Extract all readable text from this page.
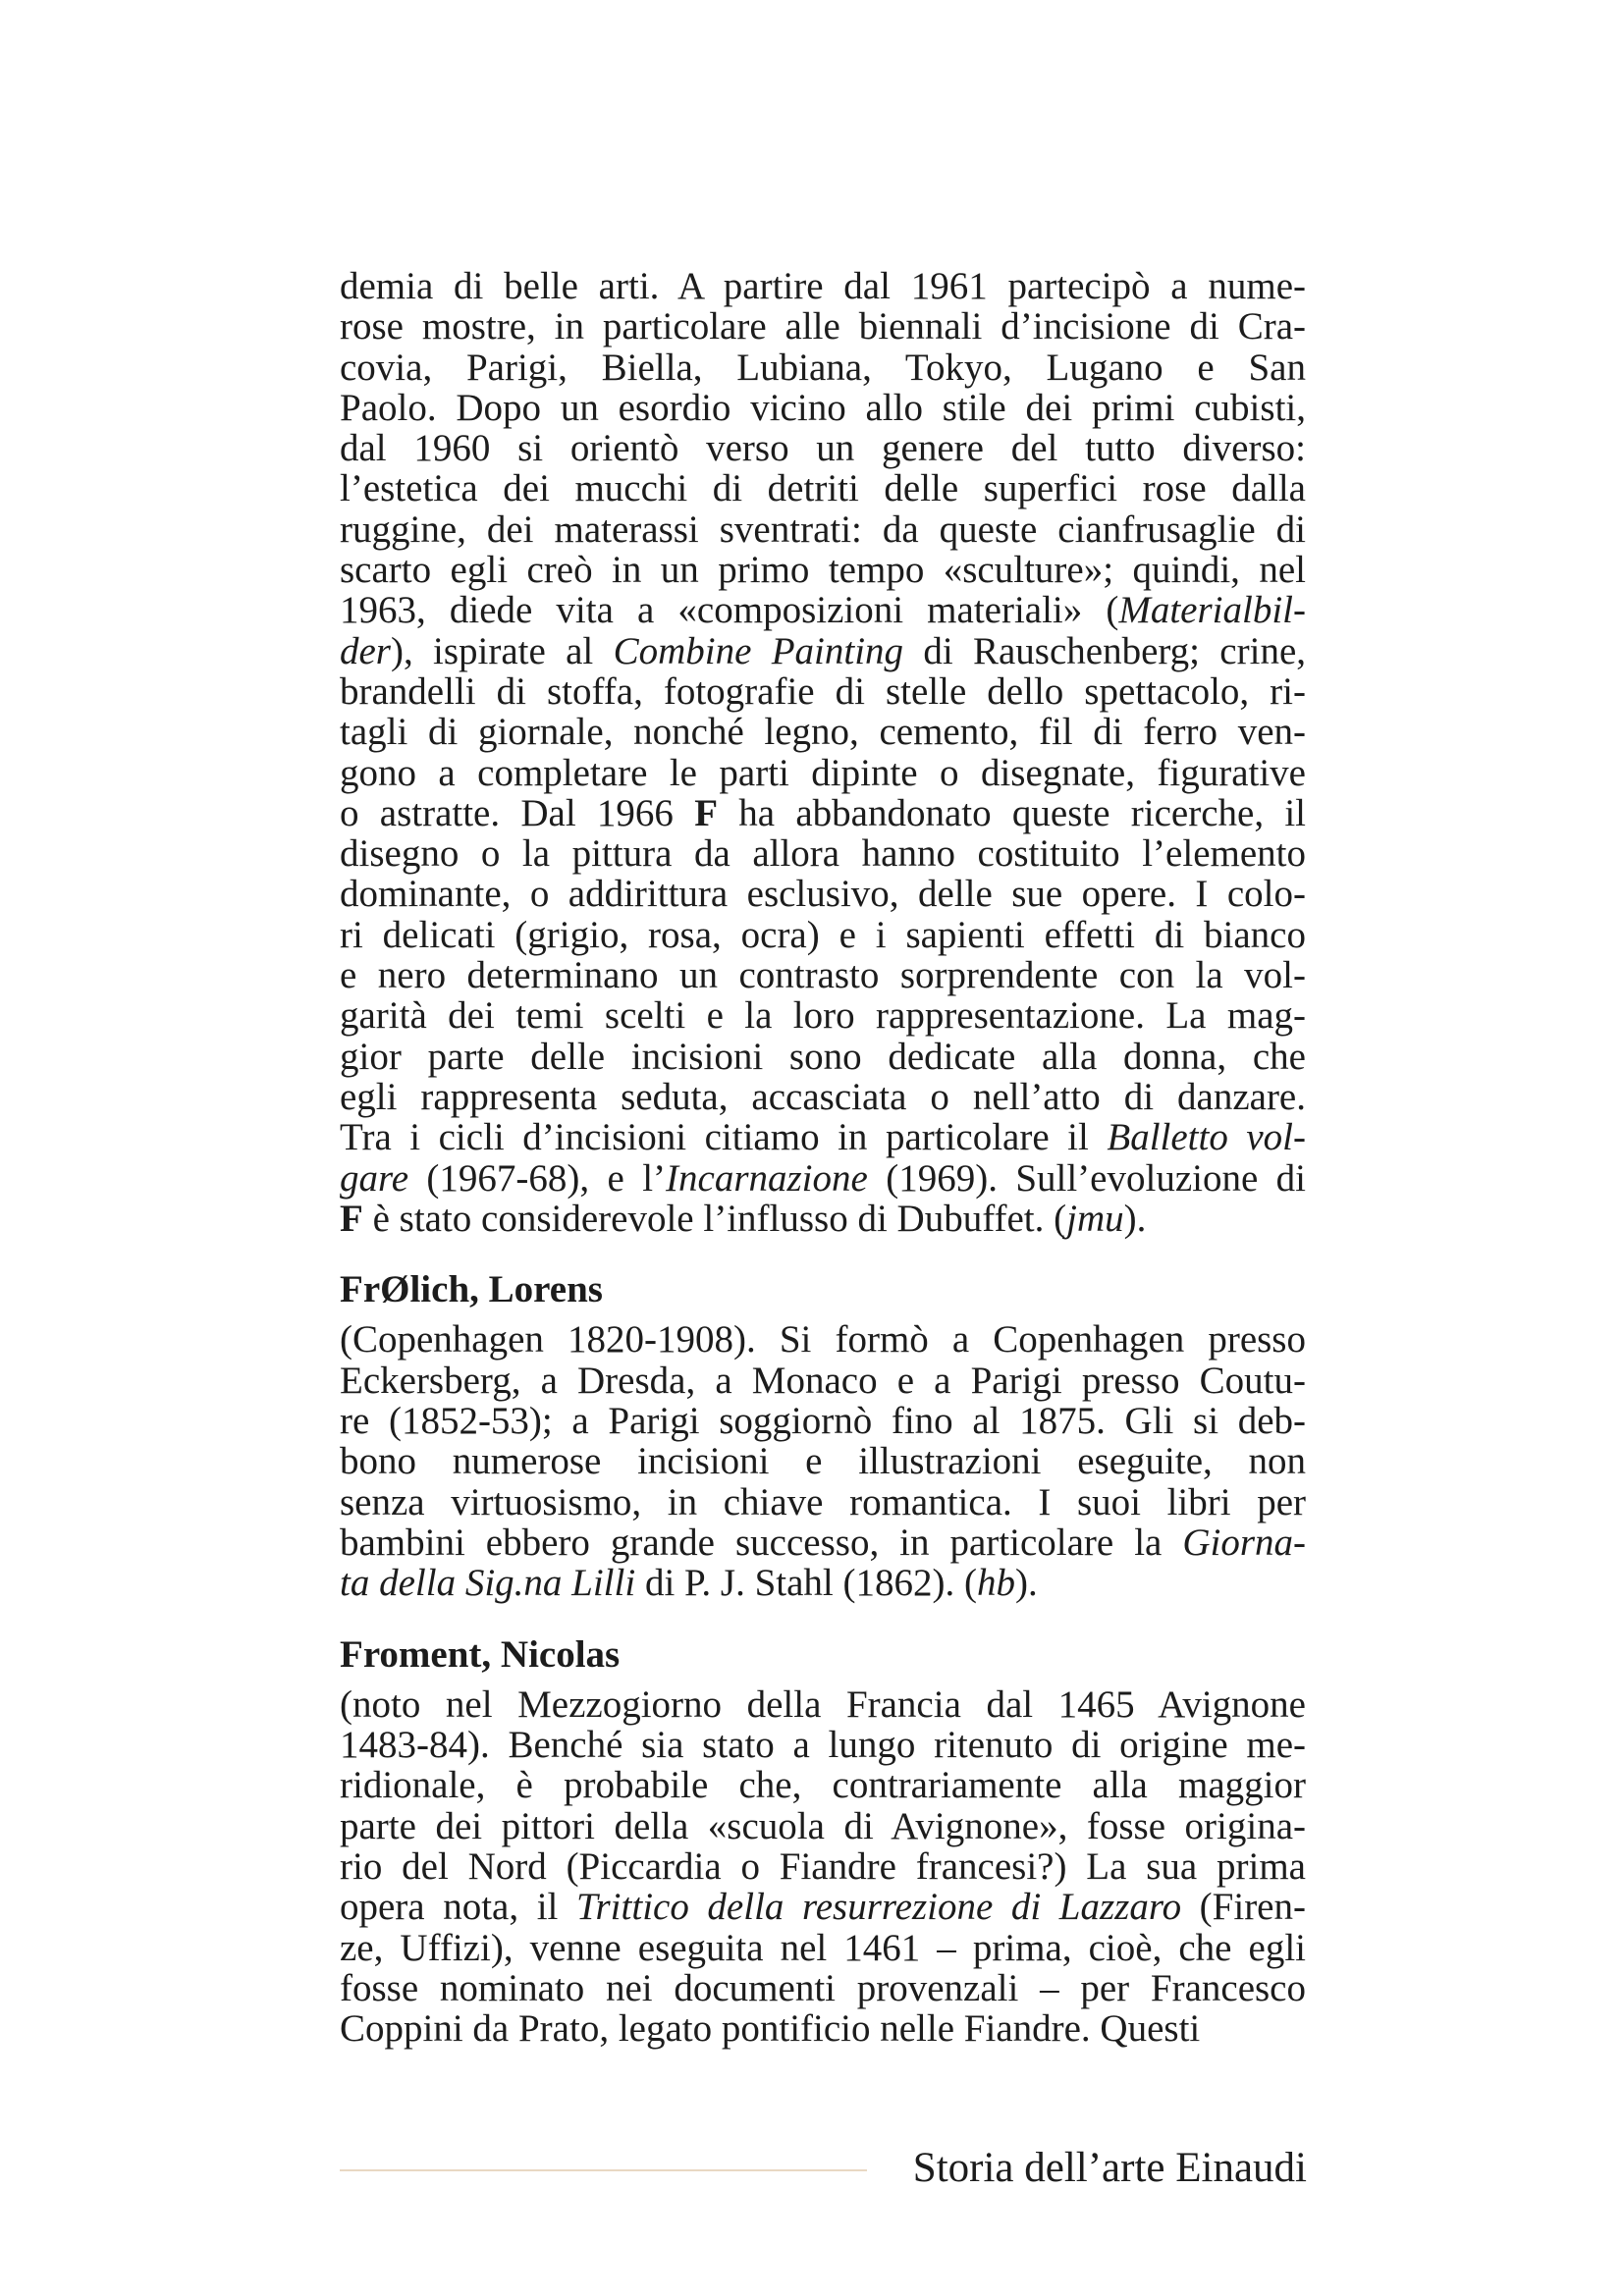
demia di belle arti. A partire dal 1961 partecipò a nume-
rose mostre, in particolare alle biennali d’incisione di Cra-
covia, Parigi, Biella, Lubiana, Tokyo, Lugano e San
Paolo. Dopo un esordio vicino allo stile dei primi cubisti,
dal 1960 si orientò verso un genere del tutto diverso:
l’estetica dei mucchi di detriti delle superfici rose dalla
ruggine, dei materassi sventrati: da queste cianfrusaglie di
scarto egli creò in un primo tempo «sculture»; quindi, nel
1963, diede vita a «composizioni materiali» (Materialbil-
der), ispirate al Combine Painting di Rauschenberg; crine,
brandelli di stoffa, fotografie di stelle dello spettacolo, ri-
tagli di giornale, nonché legno, cemento, fil di ferro ven-
gono a completare le parti dipinte o disegnate, figurative
o astratte. Dal 1966 F ha abbandonato queste ricerche, il
disegno o la pittura da allora hanno costituito l’elemento
dominante, o addirittura esclusivo, delle sue opere. I colo-
ri delicati (grigio, rosa, ocra) e i sapienti effetti di bianco
e nero determinano un contrasto sorprendente con la vol-
garità dei temi scelti e la loro rappresentazione. La mag-
gior parte delle incisioni sono dedicate alla donna, che
egli rappresenta seduta, accasciata o nell’atto di danzare.
Tra i cicli d’incisioni citiamo in particolare il Balletto vol-
gare (1967-68), e l’Incarnazione (1969). Sull’evoluzione di
F è stato considerevole l’influsso di Dubuffet. (jmu).
FrØlich, Lorens
(Copenhagen 1820-1908). Si formò a Copenhagen presso
Eckersberg, a Dresda, a Monaco e a Parigi presso Coutu-
re (1852-53); a Parigi soggiornò fino al 1875. Gli si deb-
bono numerose incisioni e illustrazioni eseguite, non
senza virtuosismo, in chiave romantica. I suoi libri per
bambini ebbero grande successo, in particolare la Giorna-
ta della Sig.na Lilli di P. J. Stahl (1862). (hb).
Froment, Nicolas
(noto nel Mezzogiorno della Francia dal 1465 Avignone
1483-84). Benché sia stato a lungo ritenuto di origine me-
ridionale, è probabile che, contrariamente alla maggior
parte dei pittori della «scuola di Avignone», fosse origina-
rio del Nord (Piccardia o Fiandre francesi?) La sua prima
opera nota, il Trittico della resurrezione di Lazzaro (Firen-
ze, Uffizi), venne eseguita nel 1461 – prima, cioè, che egli
fosse nominato nei documenti provenzali – per Francesco
Coppini da Prato, legato pontificio nelle Fiandre. Questi
Storia dell’arte Einaudi
